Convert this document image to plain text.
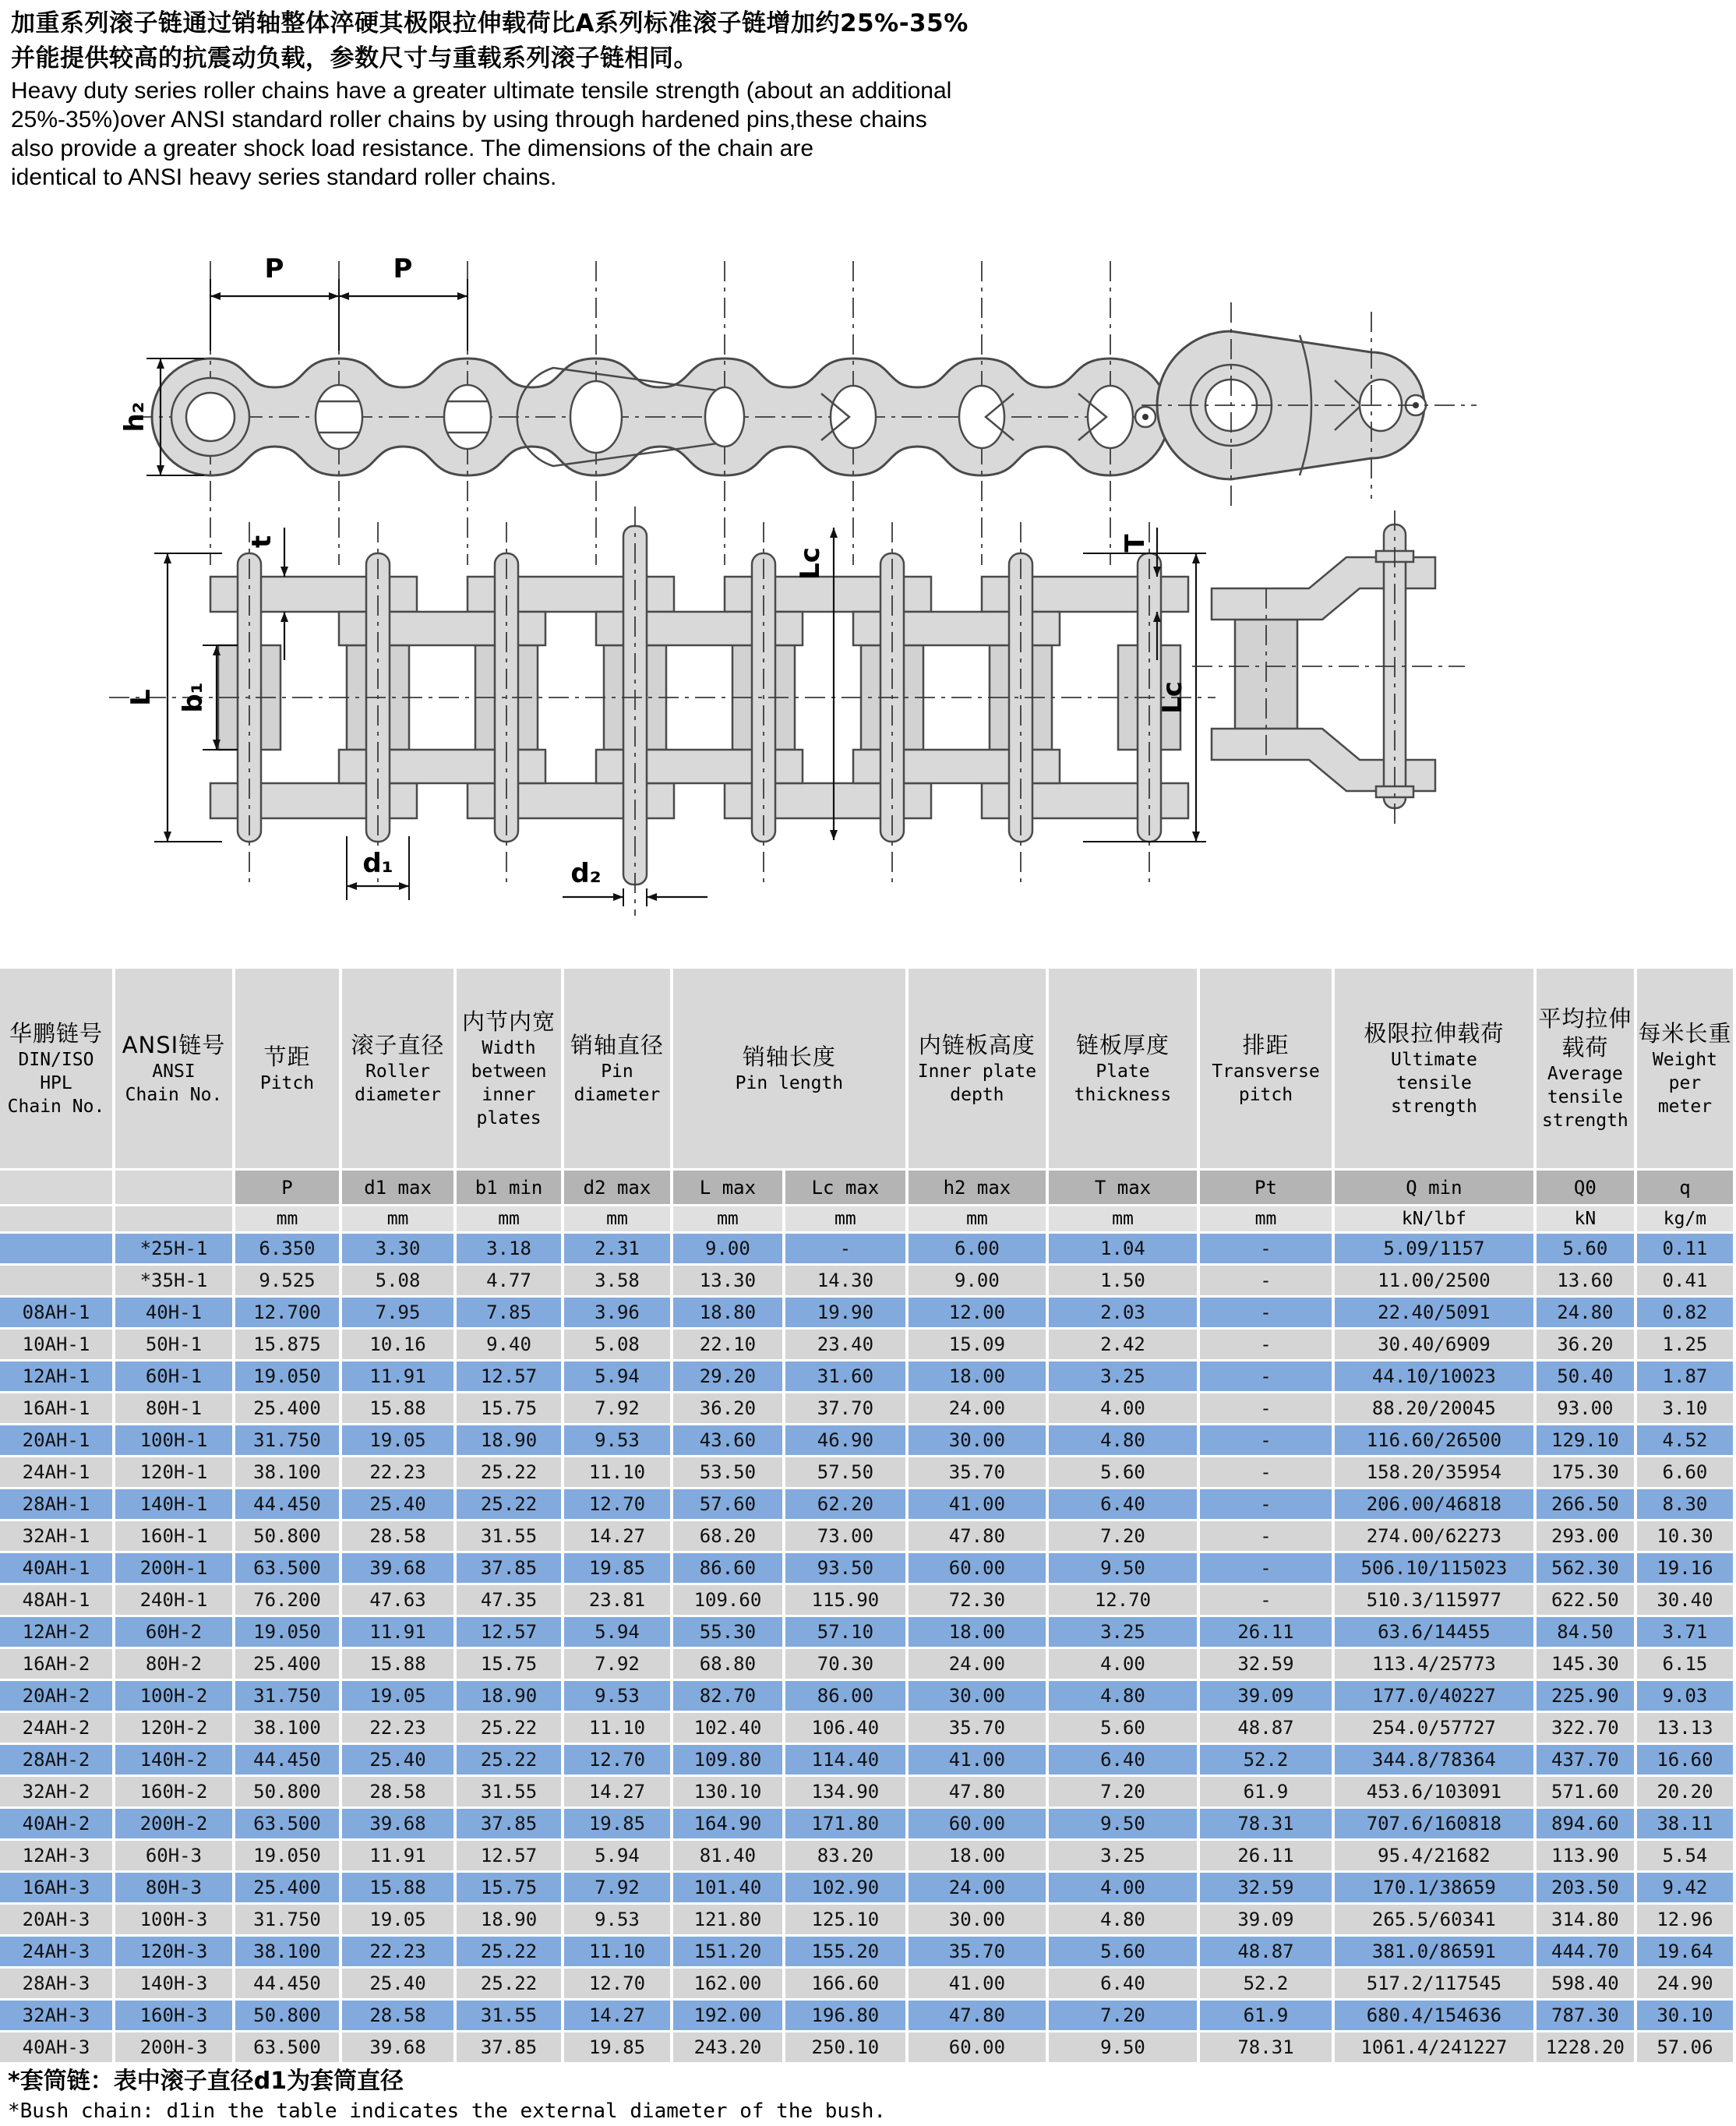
加重系列滚子链通过销轴整体淬硬其极限拉伸载荷比A系列标准滚子链增加约25%-35%
并能提供较高的抗震动负载，参数尺寸与重载系列滚子链相同。
Heavy duty series roller chains have a greater ultimate tensile strength (about an additional
25%-35%)over ANSI standard roller chains by using through hardened pins,these chains
also provide a greater shock load resistance. The dimensions of the chain are
identical to ANSI heavy series standard roller chains.
P	P
h₂
L b₁
t
d₁	d₂
Lc
T
Lc
华鹏链号
DIN/ISO
HPL
Chain No.

ANSI链号
ANSI
Chain No.

节距
Pitch

滚子直径
Roller
diameter

内节内宽
Width
between
inner
plates

销轴直径
Pin
diameter

销轴长度
Pin length

内链板高度
Inner plate
depth

链板厚度
Plate
thickness

排距
Transverse
pitch

极限拉伸载荷
Ultimate
tensile
strength

平均拉伸
载荷
Average
tensile
strength

每米长重
Weight
per meter

		P	d1 max	b1 min	d2 max	L max	Lc max	h2 max	T max	Pt	Q min	Q0	q
		mm	mm	mm	mm	mm	mm	mm	mm	mm	kN/lbf	kN	kg/m
	*25H-1	6.350	3.30	3.18	2.31	9.00	-	6.00	1.04	-	5.09/1157	5.60	0.11
	*35H-1	9.525	5.08	4.77	3.58	13.30	14.30	9.00	1.50	-	11.00/2500	13.60	0.41
08AH-1	40H-1	12.700	7.95	7.85	3.96	18.80	19.90	12.00	2.03	-	22.40/5091	24.80	0.82
10AH-1	50H-1	15.875	10.16	9.40	5.08	22.10	23.40	15.09	2.42	-	30.40/6909	36.20	1.25
12AH-1	60H-1	19.050	11.91	12.57	5.94	29.20	31.60	18.00	3.25	-	44.10/10023	50.40	1.87
16AH-1	80H-1	25.400	15.88	15.75	7.92	36.20	37.70	24.00	4.00	-	88.20/20045	93.00	3.10
20AH-1	100H-1	31.750	19.05	18.90	9.53	43.60	46.90	30.00	4.80	-	116.60/26500	129.10	4.52
24AH-1	120H-1	38.100	22.23	25.22	11.10	53.50	57.50	35.70	5.60	-	158.20/35954	175.30	6.60
28AH-1	140H-1	44.450	25.40	25.22	12.70	57.60	62.20	41.00	6.40	-	206.00/46818	266.50	8.30
32AH-1	160H-1	50.800	28.58	31.55	14.27	68.20	73.00	47.80	7.20	-	274.00/62273	293.00	10.30
40AH-1	200H-1	63.500	39.68	37.85	19.85	86.60	93.50	60.00	9.50	-	506.10/115023	562.30	19.16
48AH-1	240H-1	76.200	47.63	47.35	23.81	109.60	115.90	72.30	12.70	-	510.3/115977	622.50	30.40
12AH-2	60H-2	19.050	11.91	12.57	5.94	55.30	57.10	18.00	3.25	26.11	63.6/14455	84.50	3.71
16AH-2	80H-2	25.400	15.88	15.75	7.92	68.80	70.30	24.00	4.00	32.59	113.4/25773	145.30	6.15
20AH-2	100H-2	31.750	19.05	18.90	9.53	82.70	86.00	30.00	4.80	39.09	177.0/40227	225.90	9.03
24AH-2	120H-2	38.100	22.23	25.22	11.10	102.40	106.40	35.70	5.60	48.87	254.0/57727	322.70	13.13
28AH-2	140H-2	44.450	25.40	25.22	12.70	109.80	114.40	41.00	6.40	52.2	344.8/78364	437.70	16.60
32AH-2	160H-2	50.800	28.58	31.55	14.27	130.10	134.90	47.80	7.20	61.9	453.6/103091	571.60	20.20
40AH-2	200H-2	63.500	39.68	37.85	19.85	164.90	171.80	60.00	9.50	78.31	707.6/160818	894.60	38.11
12AH-3	60H-3	19.050	11.91	12.57	5.94	81.40	83.20	18.00	3.25	26.11	95.4/21682	113.90	5.54
16AH-3	80H-3	25.400	15.88	15.75	7.92	101.40	102.90	24.00	4.00	32.59	170.1/38659	203.50	9.42
20AH-3	100H-3	31.750	19.05	18.90	9.53	121.80	125.10	30.00	4.80	39.09	265.5/60341	314.80	12.96
24AH-3	120H-3	38.100	22.23	25.22	11.10	151.20	155.20	35.70	5.60	48.87	381.0/86591	444.70	19.64
28AH-3	140H-3	44.450	25.40	25.22	12.70	162.00	166.60	41.00	6.40	52.2	517.2/117545	598.40	24.90
32AH-3	160H-3	50.800	28.58	31.55	14.27	192.00	196.80	47.80	7.20	61.9	680.4/154636	787.30	30.10
40AH-3	200H-3	63.500	39.68	37.85	19.85	243.20	250.10	60.00	9.50	78.31	1061.4/241227	1228.20	57.06
*套筒链：表中滚子直径d1为套筒直径
*Bush chain: d1in the table indicates the external diameter of the bush.
